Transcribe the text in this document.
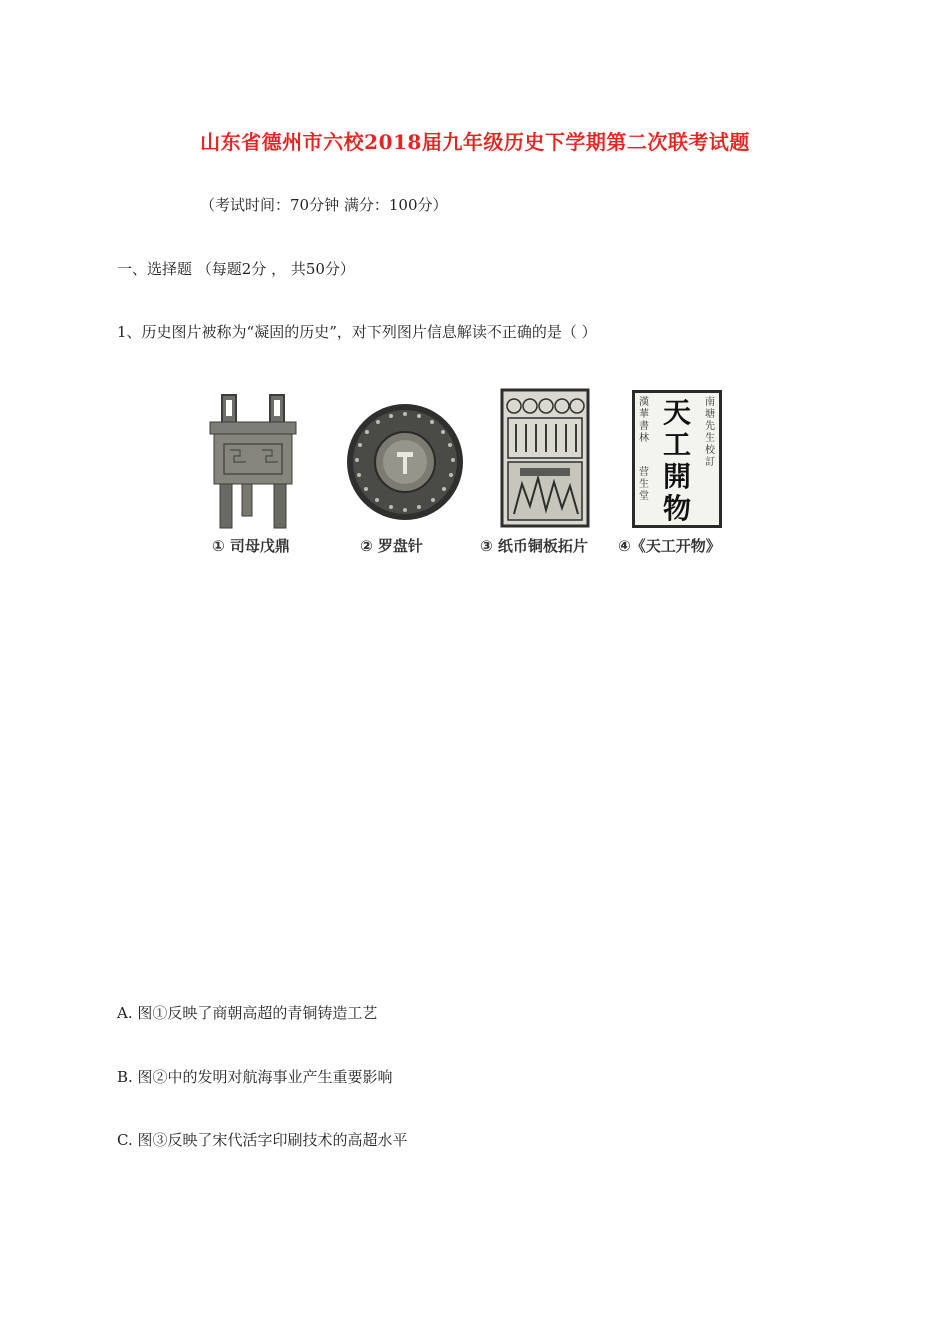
山东省德州市六校2018届九年级历史下学期第二次联考试题
（考试时间：70分钟 满分：100分）
一、选择题 （每题2分 ， 共50分）
1、历史图片被称为“凝固的历史”，对下列图片信息解读不正确的是（ ）
① 司母戊鼎	② 罗盘针	③ 纸币铜板拓片
漢華書林
营生堂
天工開物
南塘先生校訂
④《天工开物》
A. 图①反映了商朝高超的青铜铸造工艺
B. 图②中的发明对航海事业产生重要影响
C. 图③反映了宋代活字印刷技术的高超水平
